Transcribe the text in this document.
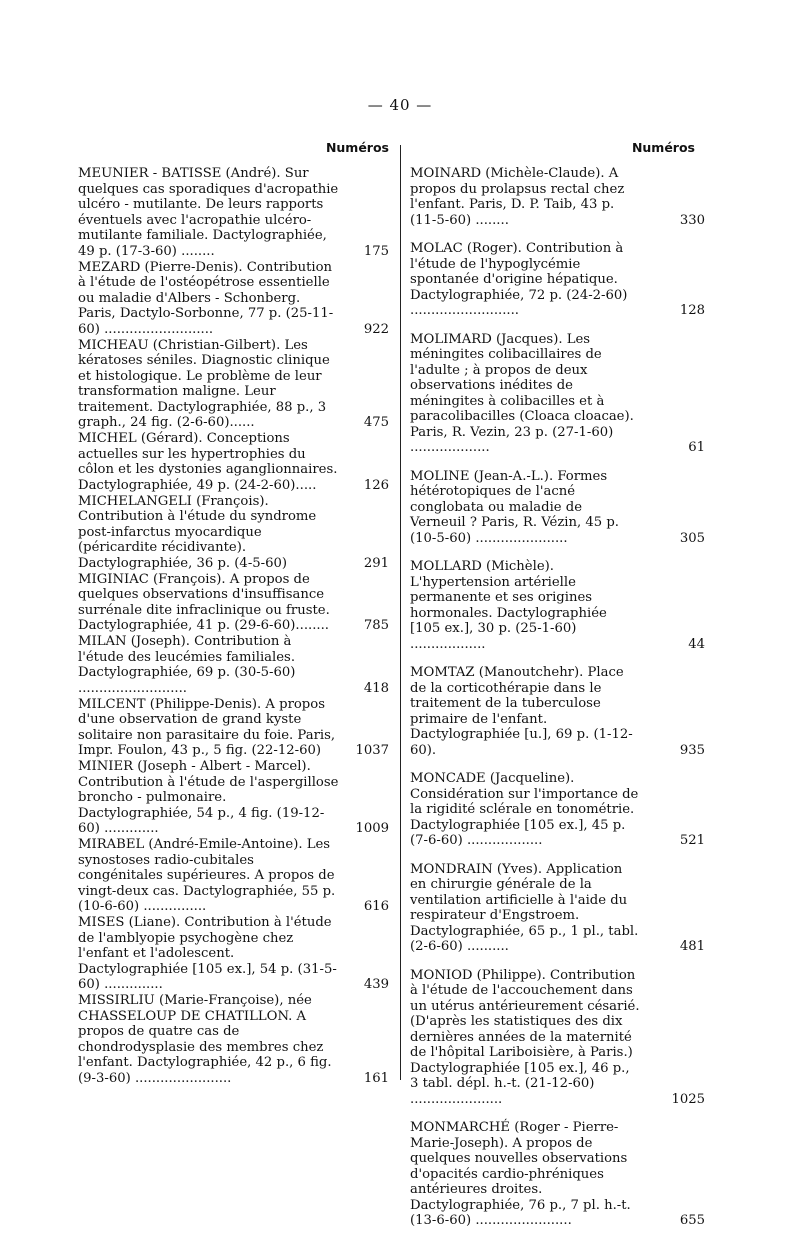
— 40 —
Numéros
MEUNIER - BATISSE (André). Sur quelques cas sporadiques d'acropathie ulcéro - mutilante. De leurs rapports éventuels avec l'acropathie ulcéro-mutilante familiale. Dactylographiée, 49 p. (17-3-60) ........	175
MEZARD (Pierre-Denis). Contribution à l'étude de l'ostéopétrose essentielle ou maladie d'Albers - Schonberg. Paris, Dactylo-Sorbonne, 77 p. (25-11-60) ..........................	922
MICHEAU (Christian-Gilbert). Les kératoses séniles. Diagnostic clinique et histologique. Le problème de leur transformation maligne. Leur traitement. Dactylographiée, 88 p., 3 graph., 24 fig. (2-6-60)......	475
MICHEL (Gérard). Conceptions actuelles sur les hypertrophies du côlon et les dystonies aganglionnaires. Dactylographiée, 49 p. (24-2-60).....	126
MICHELANGELI (François). Contribution à l'étude du syndrome post-infarctus myocardique (péricardite récidivante). Dactylographiée, 36 p. (4-5-60)	291
MIGINIAC (François). A propos de quelques observations d'insuffisance surrénale dite infraclinique ou fruste. Dactylographiée, 41 p. (29-6-60)........	785
MILAN (Joseph). Contribution à l'étude des leucémies familiales. Dactylographiée, 69 p. (30-5-60) ..........................	418
MILCENT (Philippe-Denis). A propos d'une observation de grand kyste solitaire non parasitaire du foie. Paris, Impr. Foulon, 43 p., 5 fig. (22-12-60)	1037
MINIER (Joseph - Albert - Marcel). Contribution à l'étude de l'aspergillose broncho - pulmonaire. Dactylographiée, 54 p., 4 fig. (19-12-60) .............	1009
MIRABEL (André-Emile-Antoine). Les synostoses radio-cubitales congénitales supérieures. A propos de vingt-deux cas. Dactylographiée, 55 p. (10-6-60) ...............	616
MISES (Liane). Contribution à l'étude de l'amblyopie psychogène chez l'enfant et l'adolescent. Dactylographiée [105 ex.], 54 p. (31-5-60) ..............	439
MISSIRLIU (Marie-Françoise), née CHASSELOUP DE CHATILLON. A propos de quatre cas de chondrodysplasie des membres chez l'enfant. Dactylographiée, 42 p., 6 fig. (9-3-60) .......................	161
Numéros
MOINARD (Michèle-Claude). A propos du prolapsus rectal chez l'enfant. Paris, D. P. Taib, 43 p. (11-5-60) ........	330
MOLAC (Roger). Contribution à l'étude de l'hypoglycémie spontanée d'origine hépatique. Dactylographiée, 72 p. (24-2-60) ..........................	128
MOLIMARD (Jacques). Les méningites colibacillaires de l'adulte ; à propos de deux observations inédites de méningites à colibacilles et à paracolibacilles (Cloaca cloacae). Paris, R. Vezin, 23 p. (27-1-60) ...................	61
MOLINE (Jean-A.-L.). Formes hétérotopiques de l'acné conglobata ou maladie de Verneuil ? Paris, R. Vézin, 45 p. (10-5-60) ......................	305
MOLLARD (Michèle). L'hypertension artérielle permanente et ses origines hormonales. Dactylographiée [105 ex.], 30 p. (25-1-60) ..................	44
MOMTAZ (Manoutchehr). Place de la corticothérapie dans le traitement de la tuberculose primaire de l'enfant. Dactylographiée [u.], 69 p. (1-12-60).	935
MONCADE (Jacqueline). Considération sur l'importance de la rigidité sclérale en tonométrie. Dactylographiée [105 ex.], 45 p. (7-6-60) ..................	521
MONDRAIN (Yves). Application en chirurgie générale de la ventilation artificielle à l'aide du respirateur d'Engstroem. Dactylographiée, 65 p., 1 pl., tabl. (2-6-60) ..........	481
MONIOD (Philippe). Contribution à l'étude de l'accouchement dans un utérus antérieurement césarié. (D'après les statistiques des dix dernières années de la maternité de l'hôpital Lariboisière, à Paris.) Dactylographiée [105 ex.], 46 p., 3 tabl. dépl. h.-t. (21-12-60) ......................	1025
MONMARCHÉ (Roger - Pierre-Marie-Joseph). A propos de quelques nouvelles observations d'opacités cardio-phréniques antérieures droites. Dactylographiée, 76 p., 7 pl. h.-t. (13-6-60) .......................	655
